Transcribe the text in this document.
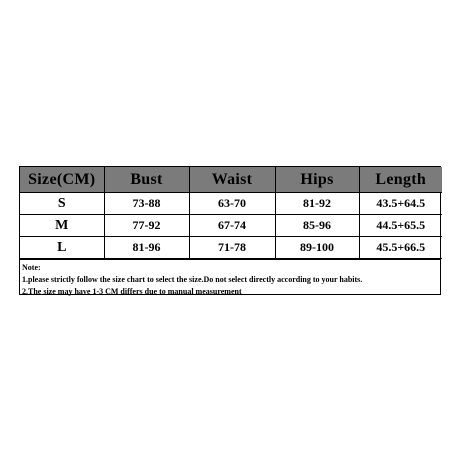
Size(CM)	Bust	Waist	Hips	Length
S	73-88	63-70	81-92	43.5+64.5
M	77-92	67-74	85-96	44.5+65.5
L	81-96	71-78	89-100	45.5+66.5
Note:
1.please strictly follow the size chart to select the size.Do not select directly according to your habits.
2.The size may have 1-3 CM differs due to manual measurement
